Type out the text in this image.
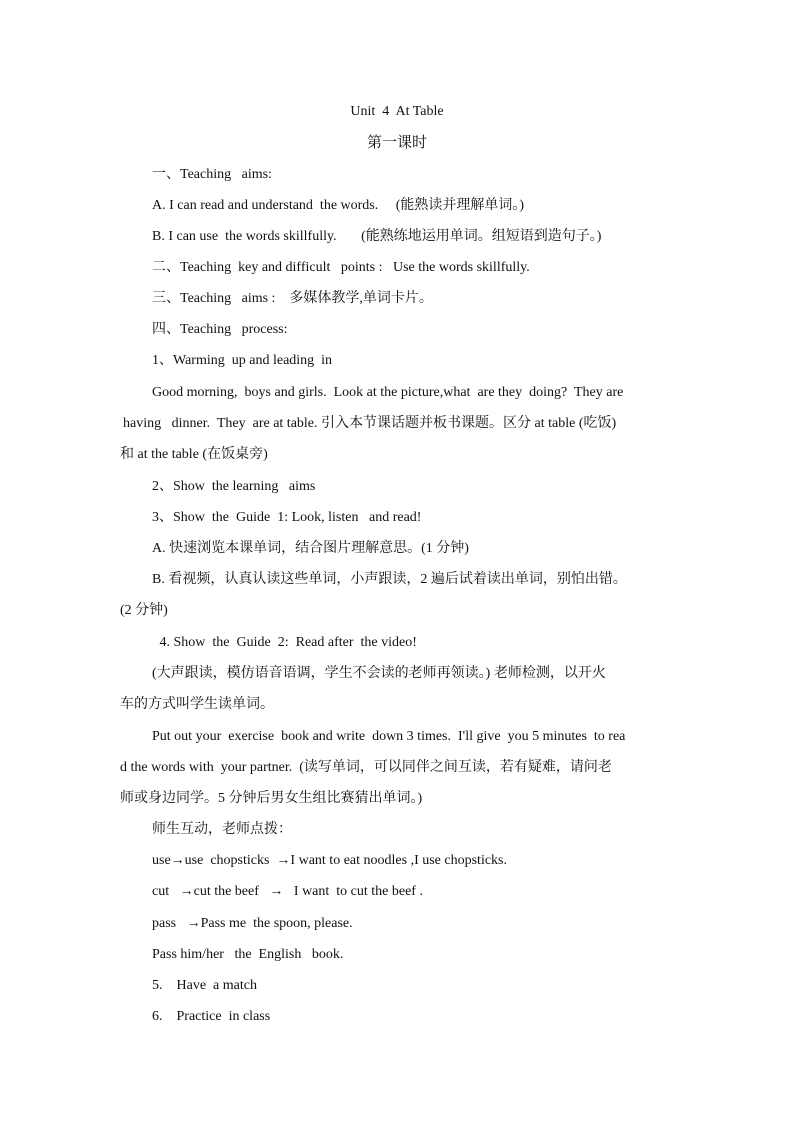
Unit  4  At Table
第一课时
一、Teaching   aims:
A. I can read and understand  the words.     (能熟读并理解单词。)
B. I can use  the words skillfully.       (能熟练地运用单词。组短语到造句子。)
二、Teaching  key and difficult   points :   Use the words skillfully.
三、Teaching   aims :    多媒体教学,单词卡片。
四、Teaching   process:
1、Warming  up and leading  in
Good morning,  boys and girls.  Look at the picture,what  are they  doing?  They are
having   dinner.  They  are at table. 引入本节课话题并板书课题。区分 at table (吃饭)
和 at the table (在饭桌旁)
2、Show  the learning   aims
3、Show  the  Guide  1: Look, listen   and read!
A. 快速浏览本课单词，结合图片理解意思。(1 分钟)
B. 看视频，认真认读这些单词，小声跟读，2 遍后试着读出单词，别怕出错。
(2 分钟)
4. Show  the  Guide  2:  Read after  the video!
(大声跟读，模仿语音语调，学生不会读的老师再领读。) 老师检测，以开火
车的方式叫学生读单词。
Put out your  exercise  book and write  down 3 times.  I'll give  you 5 minutes  to rea
d the words with  your partner.  (读写单词，可以同伴之间互读，若有疑难，请问老
师或身边同学。5 分钟后男女生组比赛猜出单词。)
师生互动，老师点拨：
use→use  chopsticks  →I want to eat noodles ,I use chopsticks.
cut   →cut the beef   →   I want  to cut the beef .
pass   →Pass me  the spoon, please.
Pass him/her   the  English   book.
5.    Have  a match
6.    Practice  in class
